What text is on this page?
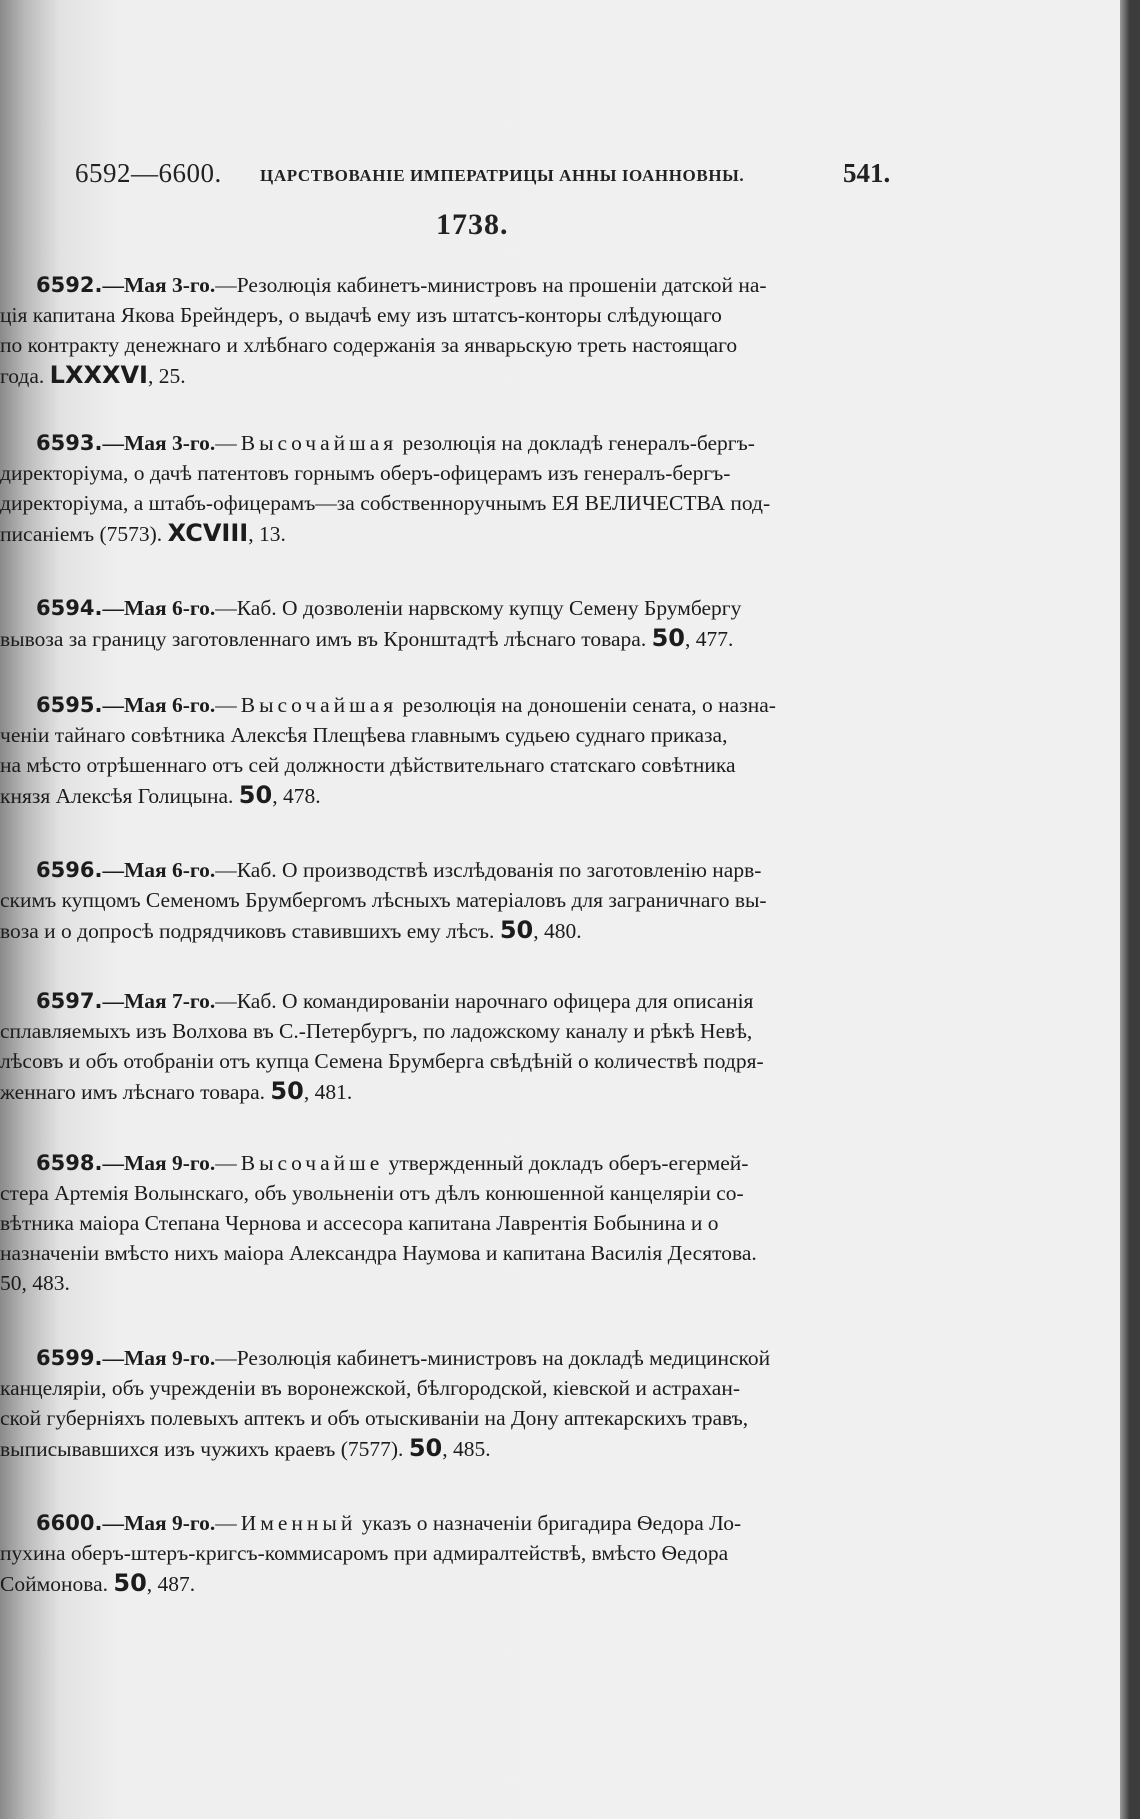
6592—6600. ЦАРСТВОВАНІЕ ИМПЕРАТРИЦЫ АННЫ ІОАННОВНЫ.	541.
1738.
6592.—Мая 3-го.—Резолюція кабинетъ-министровъ на прошеніи датской на-
ція капитана Якова Брейндеръ, о выдачѣ ему изъ штатсъ-конторы слѣдующаго
по контракту денежнаго и хлѣбнаго содержанія за январьскую треть настоящаго
года. LXXXVI, 25.
6593.—Мая 3-го.—Высочайшая резолюція на докладѣ генералъ-бергъ-
директоріума, о дачѣ патентовъ горнымъ оберъ-офицерамъ изъ генералъ-бергъ-
директоріума, а штабъ-офицерамъ—за собственноручнымъ ЕЯ ВЕЛИЧЕСТВА под-
писаніемъ (7573). XCVIII, 13.
6594.—Мая 6-го.—Каб. О дозволеніи нарвскому купцу Семену Брумбергу
вывоза за границу заготовленнаго имъ въ Кронштадтѣ лѣснаго товара. 50, 477.
6595.—Мая 6-го.—Высочайшая резолюція на доношеніи сената, о назна-
ченіи тайнаго совѣтника Алексѣя Плещѣева главнымъ судьею суднаго приказа,
на мѣсто отрѣшеннаго отъ сей должности дѣйствительнаго статскаго совѣтника
князя Алексѣя Голицына. 50, 478.
6596.—Мая 6-го.—Каб. О производствѣ изслѣдованія по заготовленію нарв-
скимъ купцомъ Семеномъ Брумбергомъ лѣсныхъ матеріаловъ для заграничнаго вы-
воза и о допросѣ подрядчиковъ ставившихъ ему лѣсъ. 50, 480.
6597.—Мая 7-го.—Каб. О командированіи нарочнаго офицера для описанія
сплавляемыхъ изъ Волхова въ С.-Петербургъ, по ладожскому каналу и рѣкѣ Невѣ,
лѣсовъ и объ отобраніи отъ купца Семена Брумберга свѣдѣній о количествѣ подря-
женнаго имъ лѣснаго товара. 50, 481.
6598.—Мая 9-го.—Высочайше утвержденный докладъ оберъ-егермей-
стера Артемія Волынскаго, объ увольненіи отъ дѣлъ конюшенной канцеляріи со-
вѣтника маіора Степана Чернова и ассесора капитана Лаврентія Бобынина и о
назначеніи вмѣсто нихъ маіора Александра Наумова и капитана Василія Десятова.
50, 483.
6599.—Мая 9-го.—Резолюція кабинетъ-министровъ на докладѣ медицинской
канцеляріи, объ учрежденіи въ воронежской, бѣлгородской, кіевской и астрахан-
ской губерніяхъ полевыхъ аптекъ и объ отыскиваніи на Дону аптекарскихъ травъ,
выписывавшихся изъ чужихъ краевъ (7577). 50, 485.
6600.—Мая 9-го.—Именный указъ о назначеніи бригадира Ѳедора Ло-
пухина оберъ-штеръ-кригсъ-коммисаромъ при адмиралтействѣ, вмѣсто Ѳедора
Соймонова. 50, 487.
